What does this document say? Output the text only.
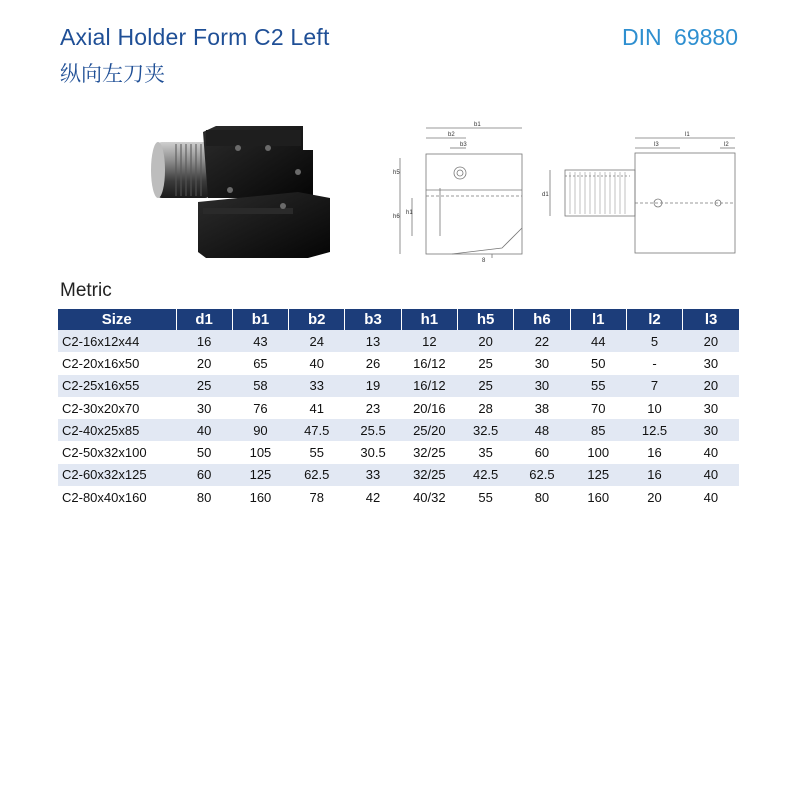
Axial Holder Form C2 Left
纵向左刀夹
DIN 69880
b1
b2
b3
h5
h6
h1
8
l1
l3	l2
d1
Metric
Size	d1	b1	b2	b3	h1	h5	h6	l1	l2	l3
C2-16x12x44	16	43	24	13	12	20	22	44	5	20
C2-20x16x50	20	65	40	26	16/12	25	30	50	-	30
C2-25x16x55	25	58	33	19	16/12	25	30	55	7	20
C2-30x20x70	30	76	41	23	20/16	28	38	70	10	30
C2-40x25x85	40	90	47.5	25.5	25/20	32.5	48	85	12.5	30
C2-50x32x100	50	105	55	30.5	32/25	35	60	100	16	40
C2-60x32x125	60	125	62.5	33	32/25	42.5	62.5	125	16	40
C2-80x40x160	80	160	78	42	40/32	55	80	160	20	40
